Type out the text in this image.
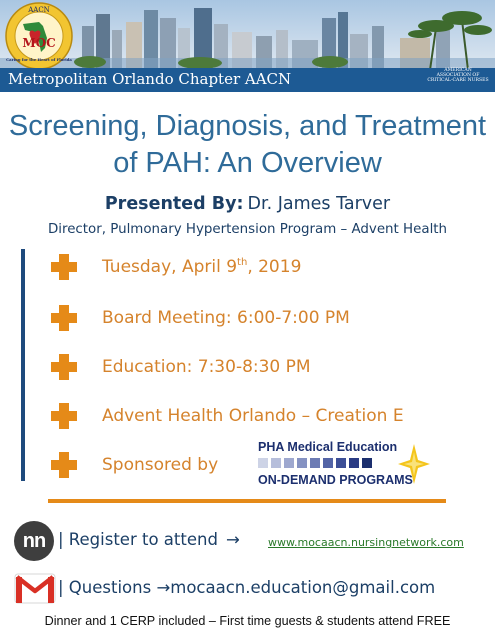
AACN
MOC
Caring for the Heart of Florida
Metropolitan Orlando Chapter AACN	AMERICAN ASSOCIATION OF CRITICAL-CARE NURSES
Screening, Diagnosis, and Treatment
of PAH: An Overview
Presented By: Dr. James Tarver
Director, Pulmonary Hypertension Program – Advent Health
Tuesday, April 9th, 2019
Board Meeting: 6:00-7:00 PM
Education: 7:30-8:30 PM
Advent Health Orlando – Creation E
Sponsored by
PHA Medical Education
ON-DEMAND PROGRAMS
nn | Register to attend →	www.mocaacn.nursingnetwork.com
| Questions →mocaacn.education@gmail.com
Dinner and 1 CERP included – First time guests & students attend FREE
